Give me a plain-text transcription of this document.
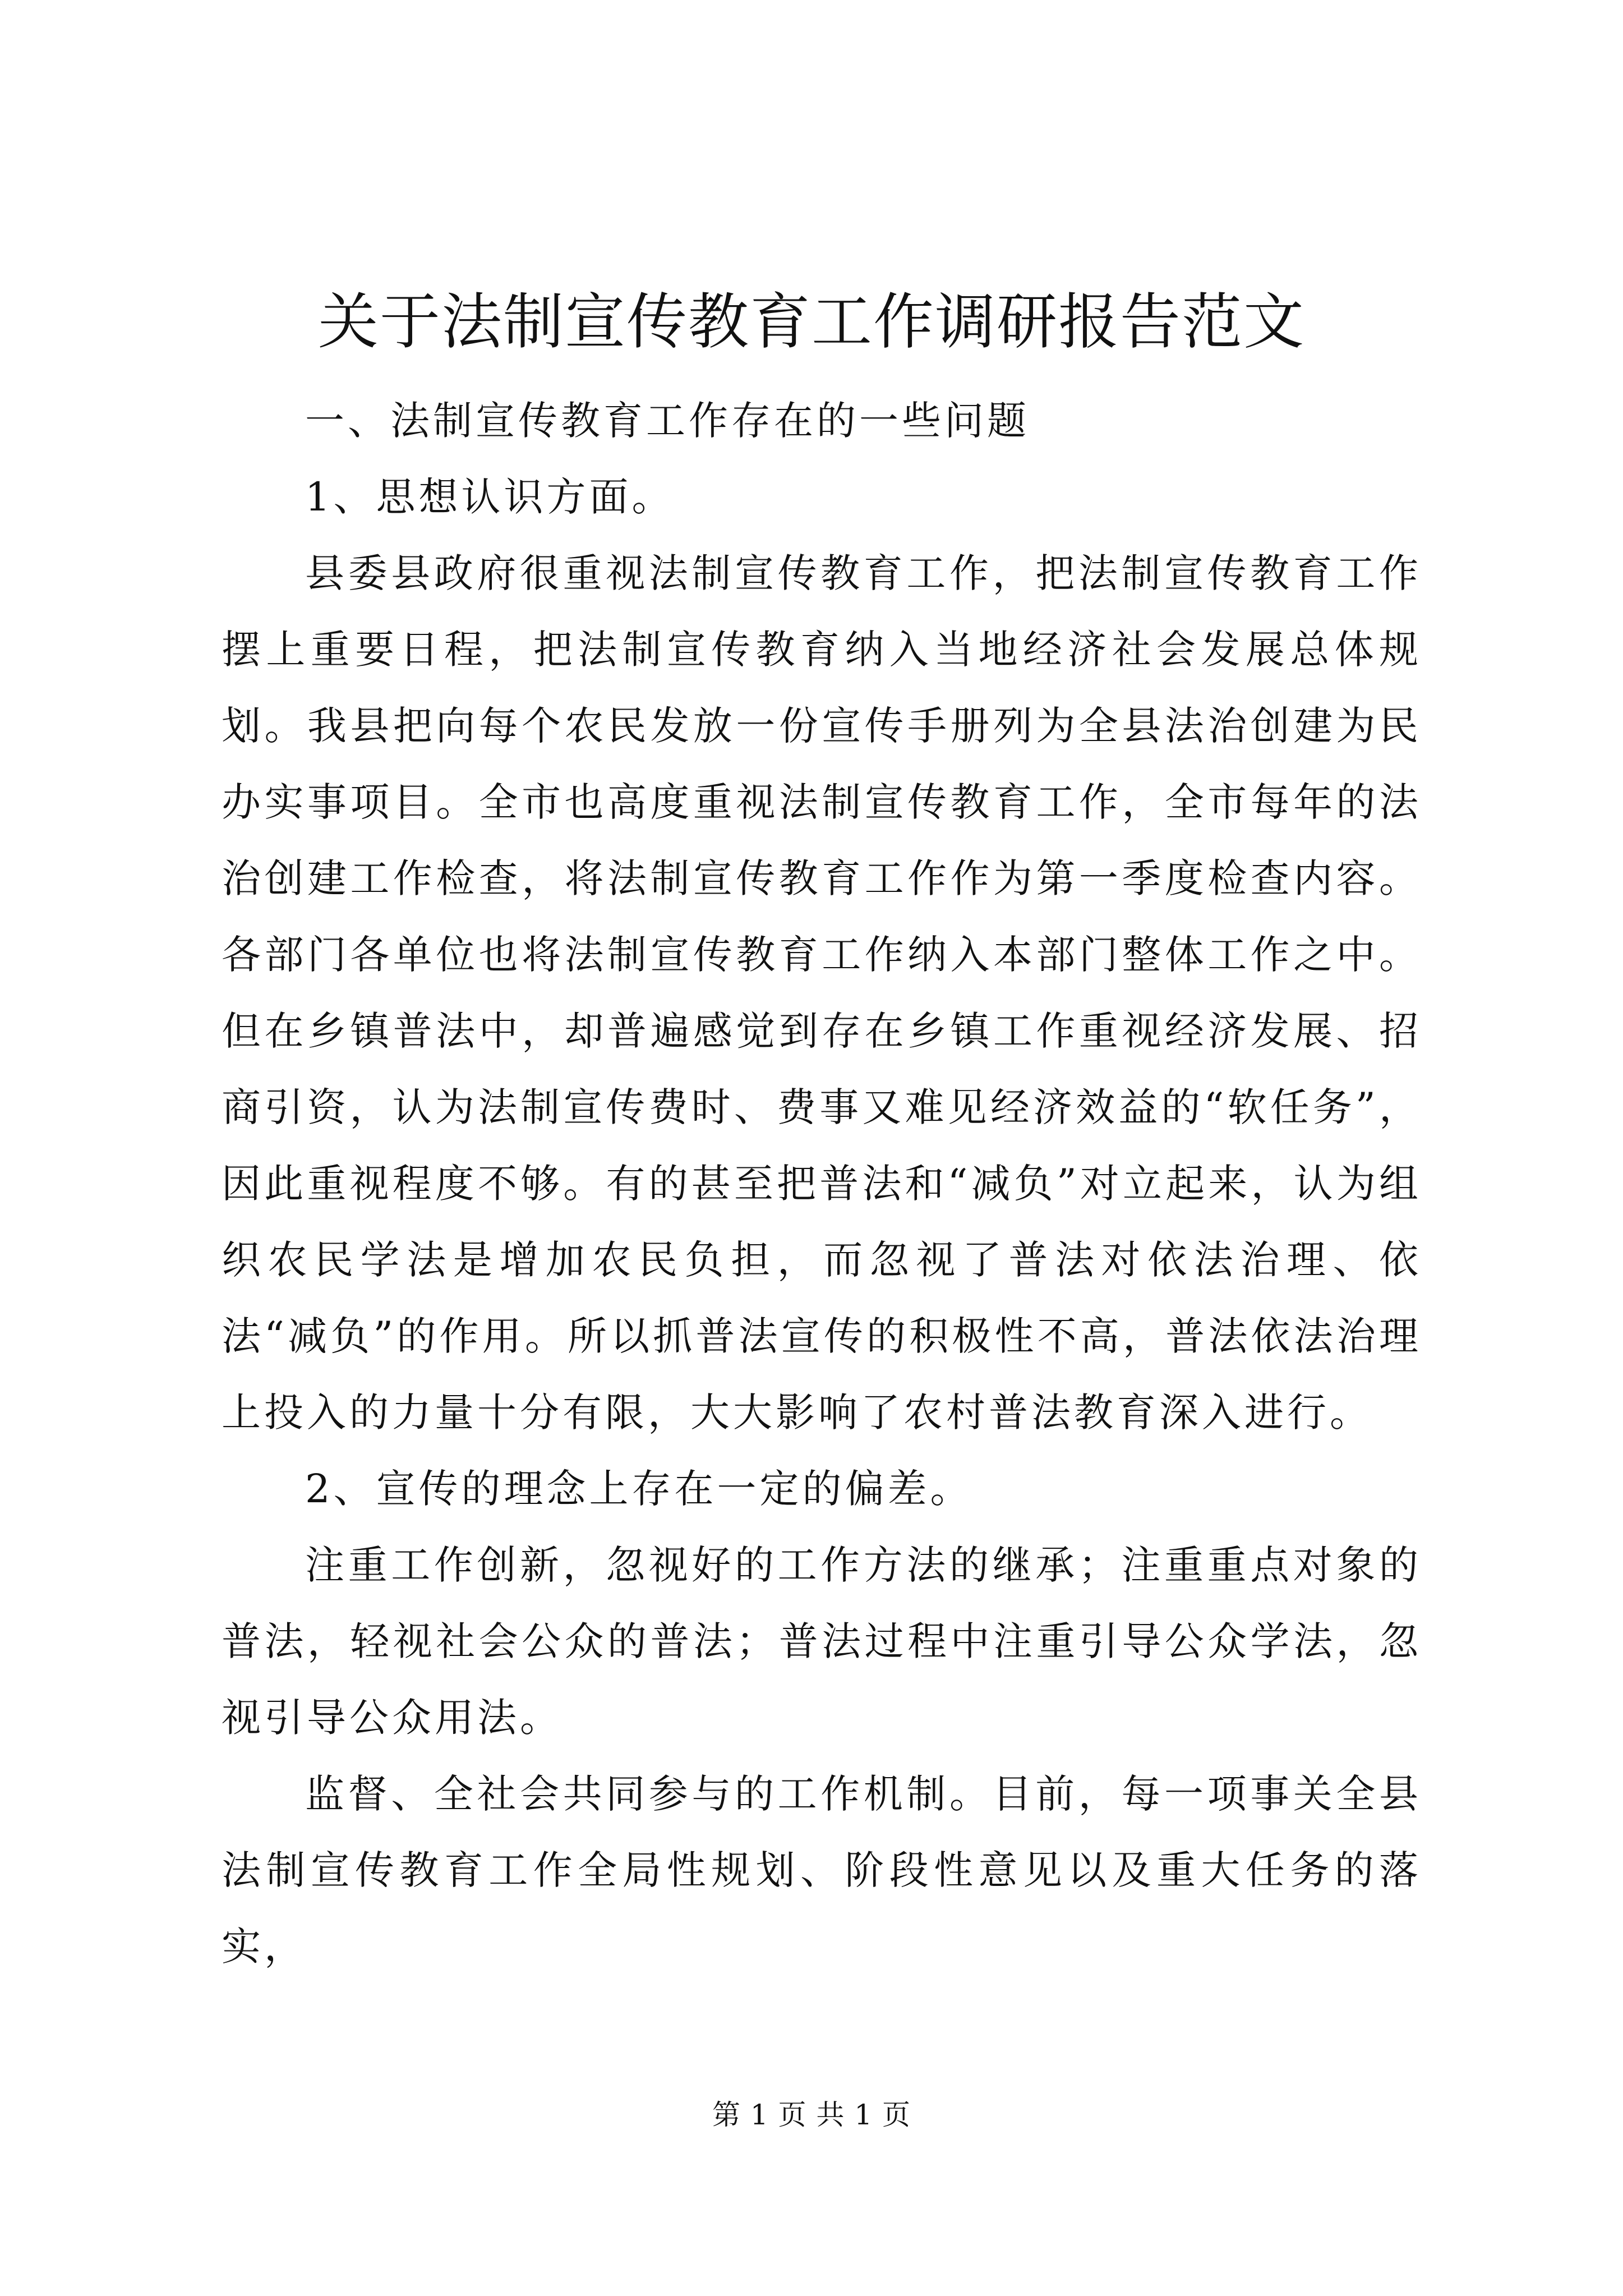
关于法制宣传教育工作调研报告范文

一、法制宣传教育工作存在的一些问题

1、思想认识方面。

县委县政府很重视法制宣传教育工作，把法制宣传教育工作摆上重要日程，把法制宣传教育纳入当地经济社会发展总体规划。我县把向每个农民发放一份宣传手册列为全县法治创建为民办实事项目。全市也高度重视法制宣传教育工作，全市每年的法治创建工作检查，将法制宣传教育工作作为第一季度检查内容。各部门各单位也将法制宣传教育工作纳入本部门整体工作之中。但在乡镇普法中，却普遍感觉到存在乡镇工作重视经济发展、招商引资，认为法制宣传费时、费事又难见经济效益的“软任务”，因此重视程度不够。有的甚至把普法和“减负”对立起来，认为组织农民学法是增加农民负担，而忽视了普法对依法治理、依法“减负”的作用。所以抓普法宣传的积极性不高，普法依法治理上投入的力量十分有限，大大影响了农村普法教育深入进行。

2、宣传的理念上存在一定的偏差。

注重工作创新，忽视好的工作方法的继承；注重重点对象的普法，轻视社会公众的普法；普法过程中注重引导公众学法，忽视引导公众用法。

监督、全社会共同参与的工作机制。目前，每一项事关全县法制宣传教育工作全局性规划、阶段性意见以及重大任务的落实，

第 1 页 共 1 页
